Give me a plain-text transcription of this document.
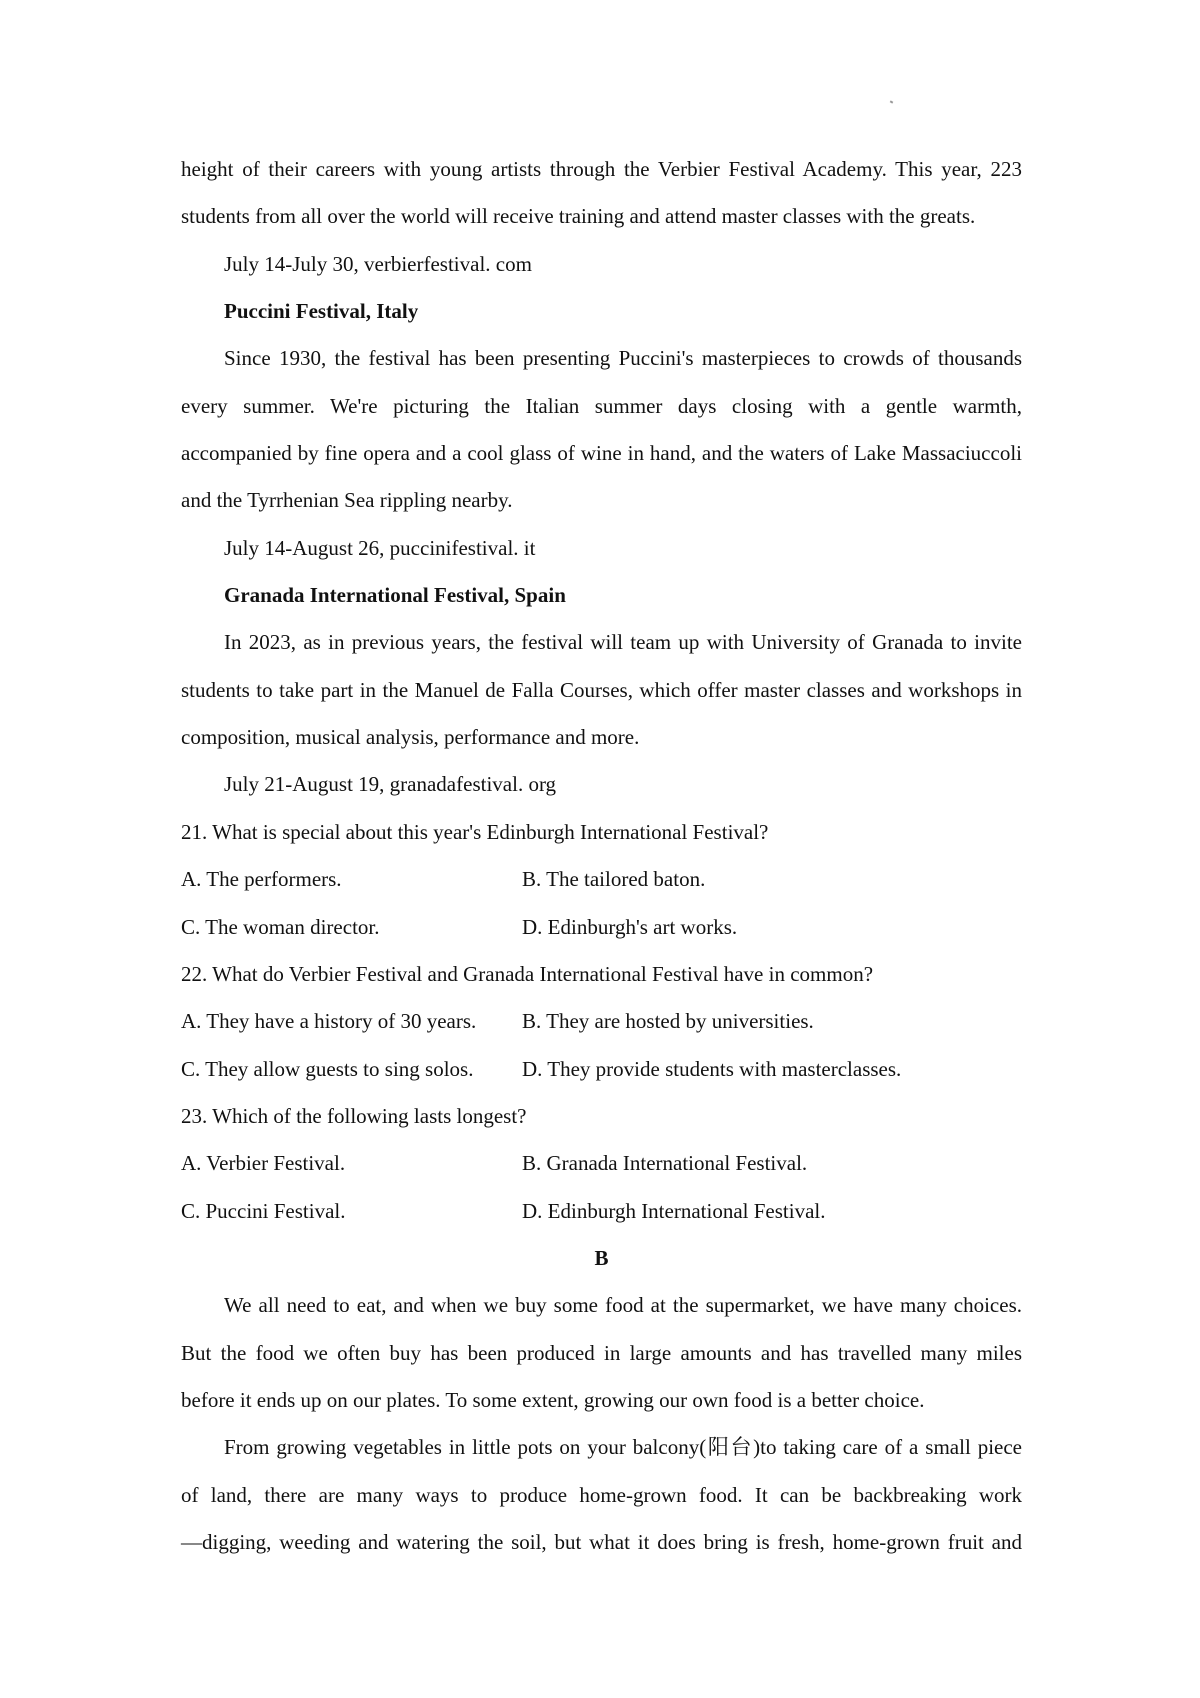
height of their careers with young artists through the Verbier Festival Academy. This year, 223
students from all over the world will receive training and attend master classes with the greats.
July 14-July 30, verbierfestival. com
Puccini Festival, Italy
Since 1930, the festival has been presenting Puccini's masterpieces to crowds of thousands
every summer. We're picturing the Italian summer days closing with a gentle warmth,
accompanied by fine opera and a cool glass of wine in hand, and the waters of Lake Massaciuccoli
and the Tyrrhenian Sea rippling nearby.
July 14-August 26, puccinifestival. it
Granada International Festival, Spain
In 2023, as in previous years, the festival will team up with University of Granada to invite
students to take part in the Manuel de Falla Courses, which offer master classes and workshops in
composition, musical analysis, performance and more.
July 21-August 19, granadafestival. org
21. What is special about this year's Edinburgh International Festival?
A. The performers.	B. The tailored baton.
C. The woman director.	D. Edinburgh's art works.
22. What do Verbier Festival and Granada International Festival have in common?
A. They have a history of 30 years.	B. They are hosted by universities.
C. They allow guests to sing solos.	D. They provide students with masterclasses.
23. Which of the following lasts longest?
A. Verbier Festival.	B. Granada International Festival.
C. Puccini Festival.	D. Edinburgh International Festival.
B
We all need to eat, and when we buy some food at the supermarket, we have many choices.
But the food we often buy has been produced in large amounts and has travelled many miles
before it ends up on our plates. To some extent, growing our own food is a better choice.
From growing vegetables in little pots on your balcony(阳台)to taking care of a small piece
of land, there are many ways to produce home-grown food. It can be backbreaking work
—digging, weeding and watering the soil, but what it does bring is fresh, home-grown fruit and
